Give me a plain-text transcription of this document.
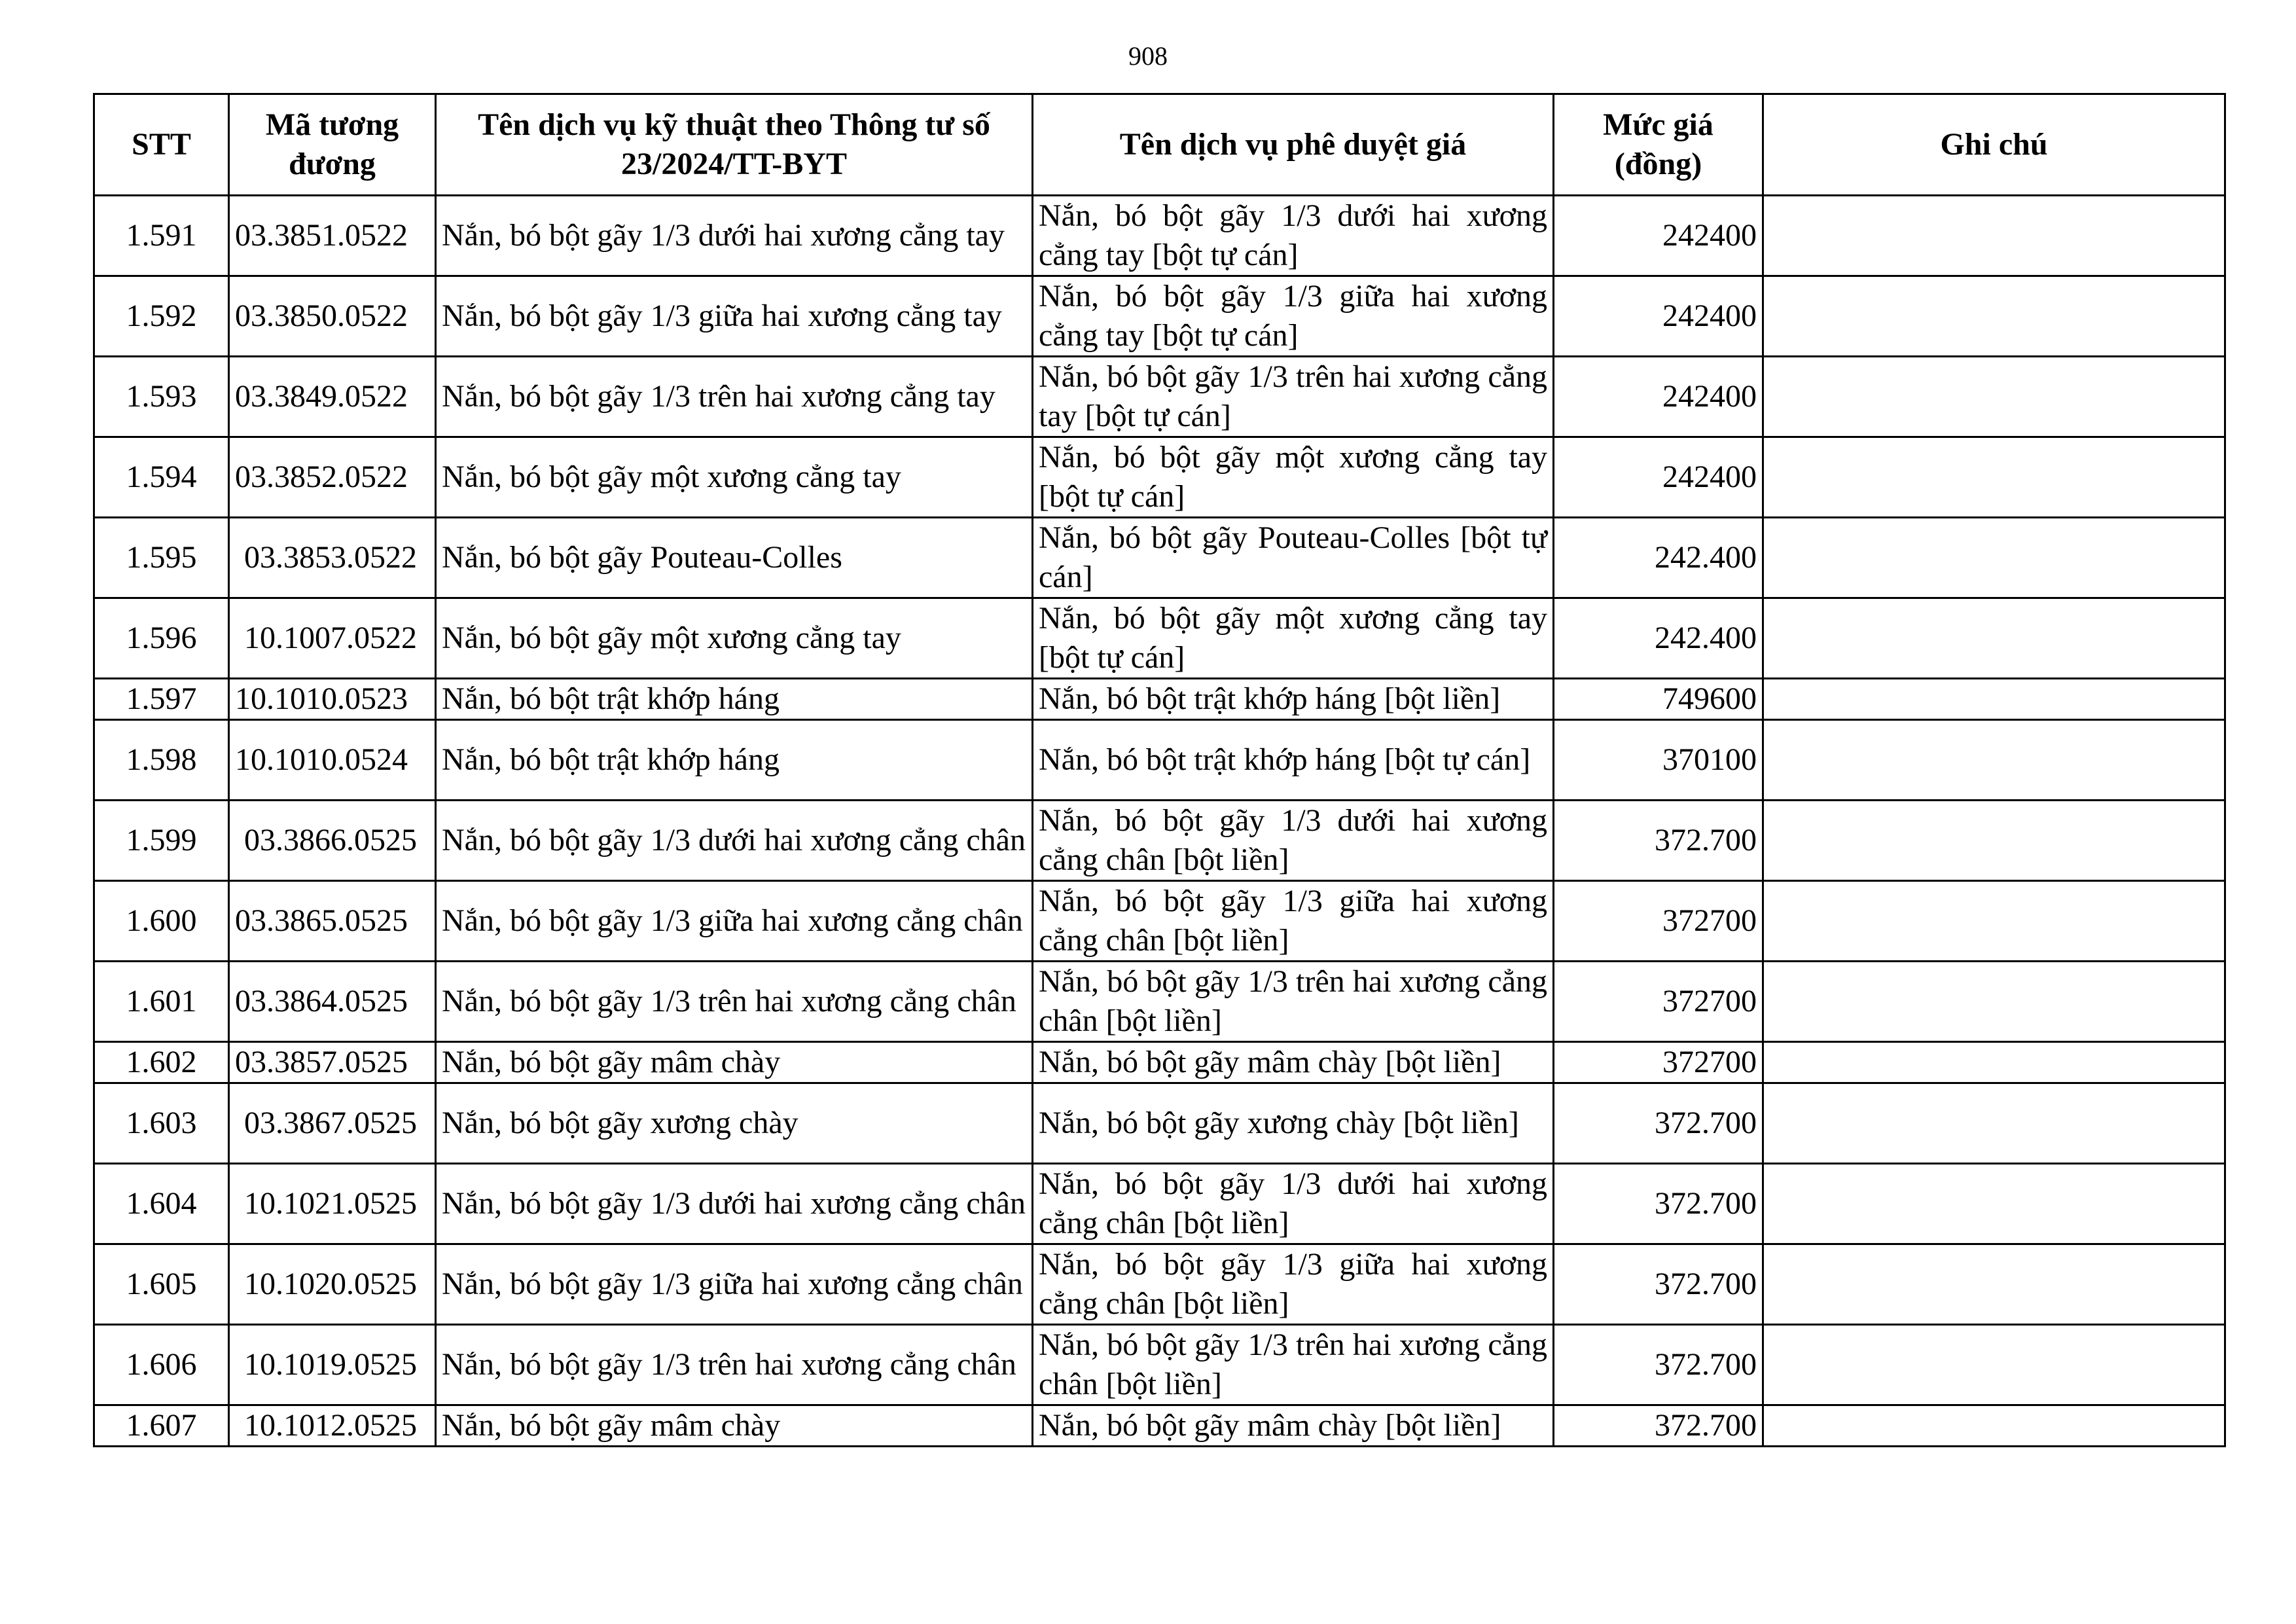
908
STT	Mã tương đương	Tên dịch vụ kỹ thuật theo Thông tư số 23/2024/TT-BYT	Tên dịch vụ phê duyệt giá	Mức giá (đồng)	Ghi chú
1.591	03.3851.0522	Nắn, bó bột gãy 1/3 dưới hai xương cẳng tay	Nắn, bó bột gãy 1/3 dưới hai xương cẳng tay [bột tự cán]	242400	
1.592	03.3850.0522	Nắn, bó bột gãy 1/3 giữa hai xương cẳng tay	Nắn, bó bột gãy 1/3 giữa hai xương cẳng tay [bột tự cán]	242400	
1.593	03.3849.0522	Nắn, bó bột gãy 1/3 trên hai xương cẳng tay	Nắn, bó bột gãy 1/3 trên hai xương cẳng tay [bột tự cán]	242400	
1.594	03.3852.0522	Nắn, bó bột gãy một xương cẳng tay	Nắn, bó bột gãy một xương cẳng tay [bột tự cán]	242400	
1.595	03.3853.0522	Nắn, bó bột gãy Pouteau-Colles	Nắn, bó bột gãy Pouteau-Colles [bột tự cán]	242.400	
1.596	10.1007.0522	Nắn, bó bột gãy một xương cẳng tay	Nắn, bó bột gãy một xương cẳng tay [bột tự cán]	242.400	
1.597	10.1010.0523	Nắn, bó bột trật khớp háng	Nắn, bó bột trật khớp háng [bột liền]	749600	
1.598	10.1010.0524	Nắn, bó bột trật khớp háng	Nắn, bó bột trật khớp háng [bột tự cán]	370100	
1.599	03.3866.0525	Nắn, bó bột gãy 1/3 dưới hai xương cẳng chân	Nắn, bó bột gãy 1/3 dưới hai xương cẳng chân [bột liền]	372.700	
1.600	03.3865.0525	Nắn, bó bột gãy 1/3 giữa hai xương cẳng chân	Nắn, bó bột gãy 1/3 giữa hai xương cẳng chân [bột liền]	372700	
1.601	03.3864.0525	Nắn, bó bột gãy 1/3 trên hai xương cẳng chân	Nắn, bó bột gãy 1/3 trên hai xương cẳng chân [bột liền]	372700	
1.602	03.3857.0525	Nắn, bó bột gãy mâm chày	Nắn, bó bột gãy mâm chày [bột liền]	372700	
1.603	03.3867.0525	Nắn, bó bột gãy xương chày	Nắn, bó bột gãy xương chày [bột liền]	372.700	
1.604	10.1021.0525	Nắn, bó bột gãy 1/3 dưới hai xương cẳng chân	Nắn, bó bột gãy 1/3 dưới hai xương cẳng chân [bột liền]	372.700	
1.605	10.1020.0525	Nắn, bó bột gãy 1/3 giữa hai xương cẳng chân	Nắn, bó bột gãy 1/3 giữa hai xương cẳng chân [bột liền]	372.700	
1.606	10.1019.0525	Nắn, bó bột gãy 1/3 trên hai xương cẳng chân	Nắn, bó bột gãy 1/3 trên hai xương cẳng chân [bột liền]	372.700	
1.607	10.1012.0525	Nắn, bó bột gãy mâm chày	Nắn, bó bột gãy mâm chày [bột liền]	372.700	
